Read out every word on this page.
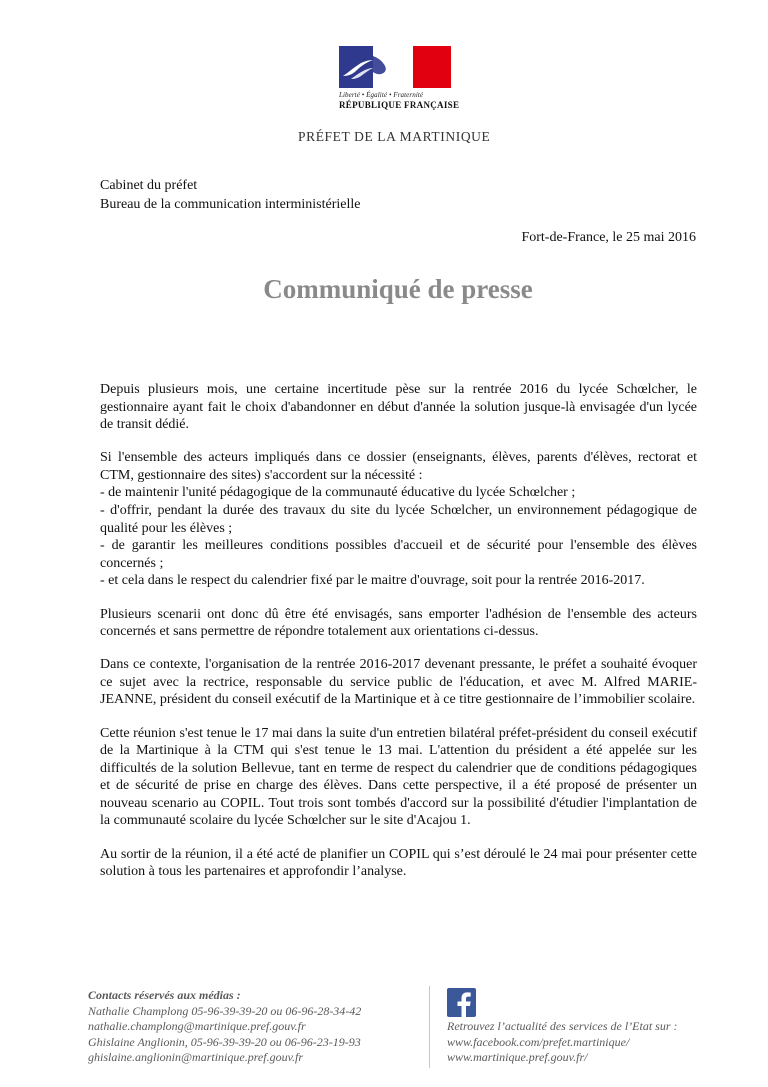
Liberté • Égalité • Fraternité
RÉPUBLIQUE FRANÇAISE
PRÉFET DE LA MARTINIQUE
Cabinet du préfet
Bureau de la communication interministérielle
Fort-de-France, le 25 mai 2016
Communiqué de presse

Depuis plusieurs mois, une certaine incertitude pèse sur la rentrée 2016 du lycée Schœlcher, le gestionnaire ayant fait le choix d'abandonner en début d'année la solution jusque-là envisagée d'un lycée de transit dédié.

Si l'ensemble des acteurs impliqués dans ce dossier (enseignants, élèves, parents d'élèves, rectorat et CTM, gestionnaire des sites) s'accordent sur la nécessité :
- de maintenir l'unité pédagogique de la communauté éducative du lycée Schœlcher ;
- d'offrir, pendant la durée des travaux du site du lycée Schœlcher, un environnement pédagogique de qualité pour les élèves ;
- de garantir les meilleures conditions possibles d'accueil et de sécurité pour l'ensemble des élèves concernés ;
- et cela dans le respect du calendrier fixé par le maitre d'ouvrage, soit pour la rentrée 2016-2017.

Plusieurs scenarii ont donc dû être été envisagés, sans emporter l'adhésion de l'ensemble des acteurs concernés et sans permettre de répondre totalement aux orientations ci-dessus.

Dans ce contexte, l'organisation de la rentrée 2016-2017 devenant pressante, le préfet a souhaité évoquer ce sujet avec la rectrice, responsable du service public de l'éducation, et avec M. Alfred MARIE-JEANNE, président du conseil exécutif de la Martinique et à ce titre gestionnaire de l’immobilier scolaire.

Cette réunion s'est tenue le 17 mai dans la suite d'un entretien bilatéral préfet-président du conseil exécutif de la Martinique à la CTM qui s'est tenue le 13 mai. L'attention du président a été appelée sur les difficultés de la solution Bellevue, tant en terme de respect du calendrier que de conditions pédagogiques et de sécurité de prise en charge des élèves. Dans cette perspective, il a été proposé de présenter un nouveau scenario au COPIL. Tout trois sont tombés d'accord sur la possibilité d'étudier l'implantation de la communauté scolaire du lycée Schœlcher sur le site d'Acajou 1.

Au sortir de la réunion, il a été acté de planifier un COPIL qui s’est déroulé le 24 mai pour présenter cette solution à tous les partenaires et approfondir l’analyse.

Contacts réservés aux médias :
Nathalie Champlong 05-96-39-39-20 ou 06-96-28-34-42
nathalie.champlong@martinique.pref.gouv.fr
Ghislaine Anglionin, 05-96-39-39-20 ou 06-96-23-19-93
ghislaine.anglionin@martinique.pref.gouv.fr
Retrouvez l’actualité des services de l’Etat sur :
www.facebook.com/prefet.martinique/
www.martinique.pref.gouv.fr/
